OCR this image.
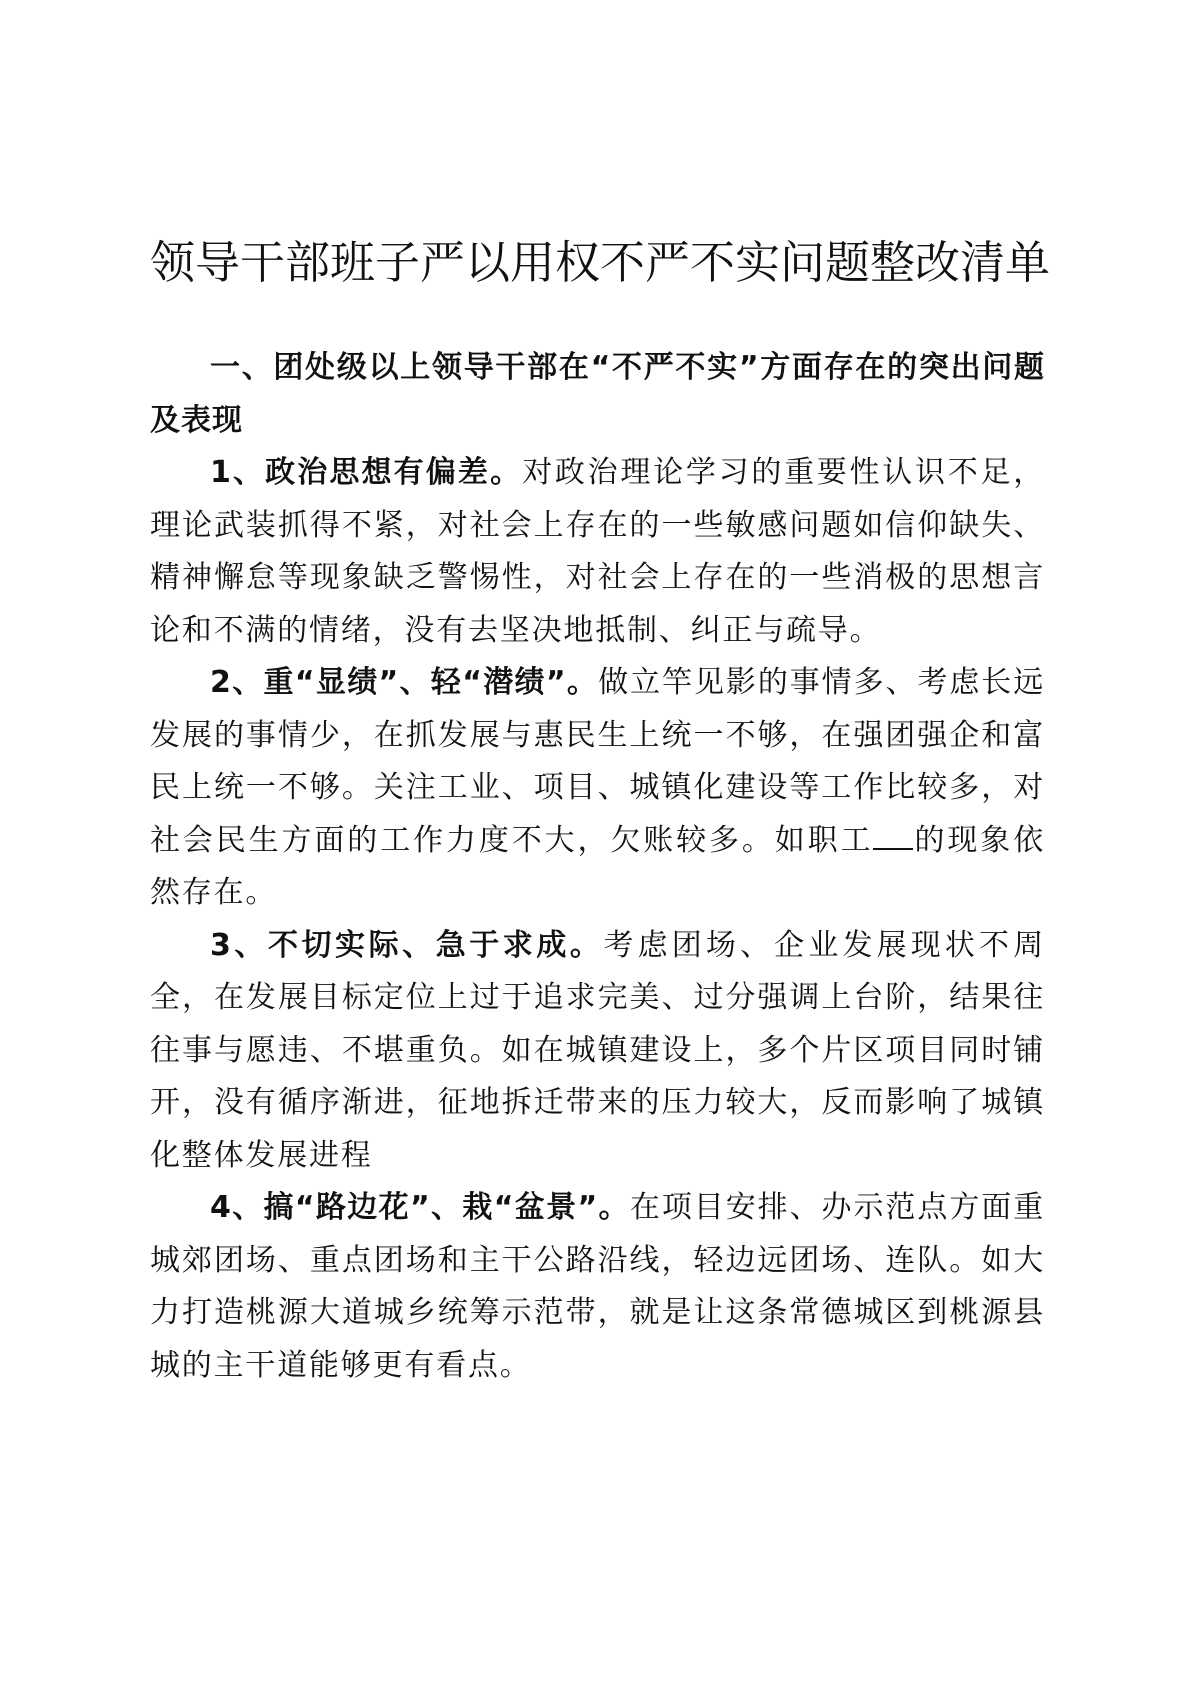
领导干部班子严以用权不严不实问题整改清单

一、团处级以上领导干部在“不严不实”方面存在的突出问题及表现

1、政治思想有偏差。对政治理论学习的重要性认识不足，理论武装抓得不紧，对社会上存在的一些敏感问题如信仰缺失、精神懈怠等现象缺乏警惕性，对社会上存在的一些消极的思想言论和不满的情绪，没有去坚决地抵制、纠正与疏导。

2、重“显绩”、轻“潜绩”。做立竿见影的事情多、考虑长远发展的事情少，在抓发展与惠民生上统一不够，在强团强企和富民上统一不够。关注工业、项目、城镇化建设等工作比较多，对社会民生方面的工作力度不大，欠账较多。如职工 的现象依然存在。

3、不切实际、急于求成。考虑团场、企业发展现状不周全，在发展目标定位上过于追求完美、过分强调上台阶，结果往往事与愿违、不堪重负。如在城镇建设上，多个片区项目同时铺开，没有循序渐进，征地拆迁带来的压力较大，反而影响了城镇化整体发展进程

4、搞“路边花”、栽“盆景”。在项目安排、办示范点方面重城郊团场、重点团场和主干公路沿线，轻边远团场、连队。如大力打造桃源大道城乡统筹示范带，就是让这条常德城区到桃源县城的主干道能够更有看点。
